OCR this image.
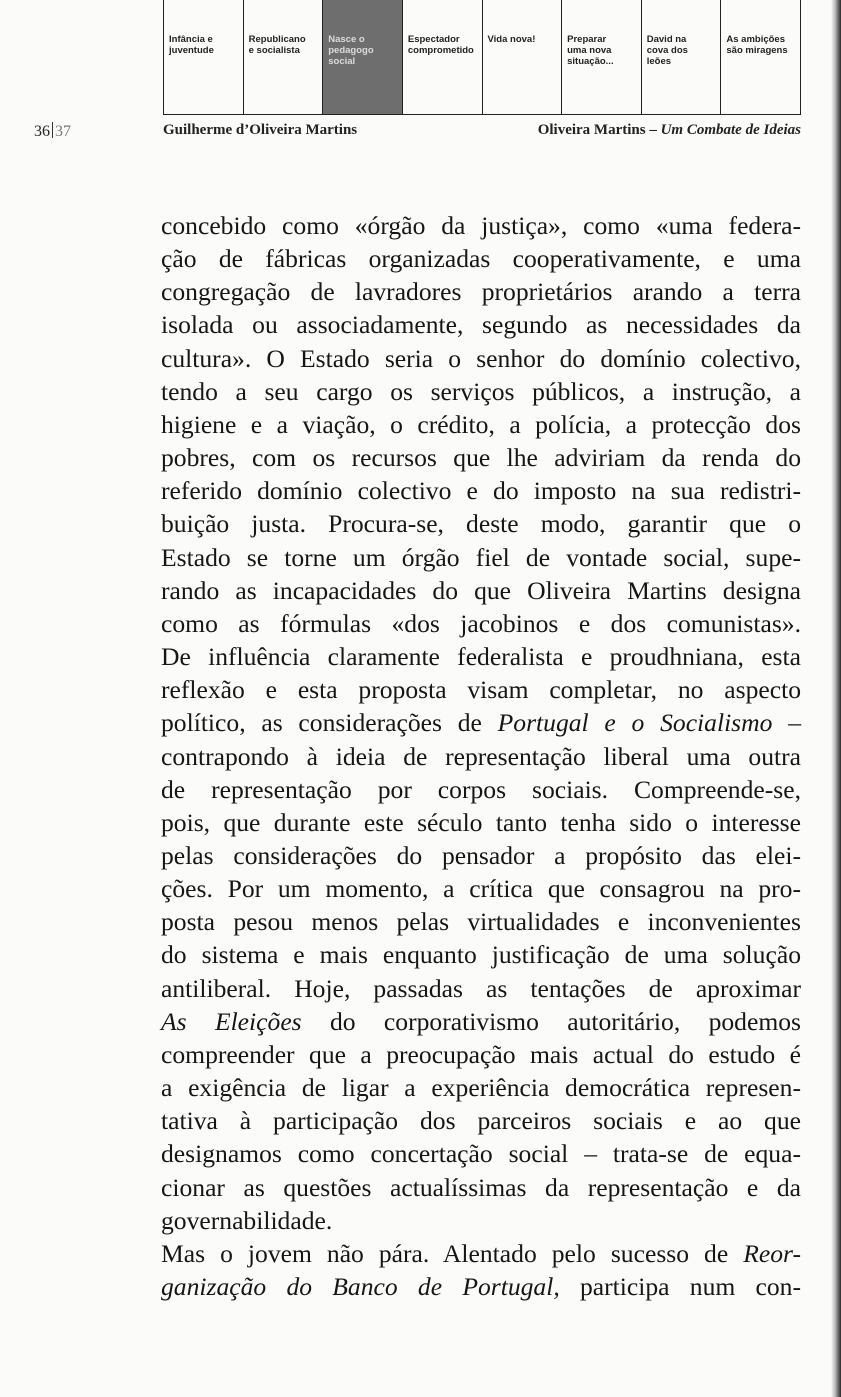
Infância e
juventude
Republicano
e socialista
Nasce o
pedagogo
social
Espectador
comprometido
Vida nova!	Preparar
uma nova
situação...
David na
cova dos
leões
As ambições
são miragens
36 37	Guilherme d’Oliveira Martins	Oliveira Martins – Um Combate de Ideias
concebido como «órgão da justiça», como «uma federa-
ção de fábricas organizadas cooperativamente, e uma
congregação de lavradores proprietários arando a terra
isolada ou associadamente, segundo as necessidades da
cultura». O Estado seria o senhor do domínio colectivo,
tendo a seu cargo os serviços públicos, a instrução, a
higiene e a viação, o crédito, a polícia, a protecção dos
pobres, com os recursos que lhe adviriam da renda do
referido domínio colectivo e do imposto na sua redistri-
buição justa. Procura-se, deste modo, garantir que o
Estado se torne um órgão fiel de vontade social, supe-
rando as incapacidades do que Oliveira Martins designa
como as fórmulas «dos jacobinos e dos comunistas».
De influência claramente federalista e proudhniana, esta
reflexão e esta proposta visam completar, no aspecto
político, as considerações de Portugal e o Socialismo –
contrapondo à ideia de representação liberal uma outra
de representação por corpos sociais. Compreende-se,
pois, que durante este século tanto tenha sido o interesse
pelas considerações do pensador a propósito das elei-
ções. Por um momento, a crítica que consagrou na pro-
posta pesou menos pelas virtualidades e inconvenientes
do sistema e mais enquanto justificação de uma solução
antiliberal. Hoje, passadas as tentações de aproximar
As Eleições do corporativismo autoritário, podemos
compreender que a preocupação mais actual do estudo é
a exigência de ligar a experiência democrática represen-
tativa à participação dos parceiros sociais e ao que
designamos como concertação social – trata-se de equa-
cionar as questões actualíssimas da representação e da
governabilidade.
Mas o jovem não pára. Alentado pelo sucesso de Reor-
ganização do Banco de Portugal, participa num con-
